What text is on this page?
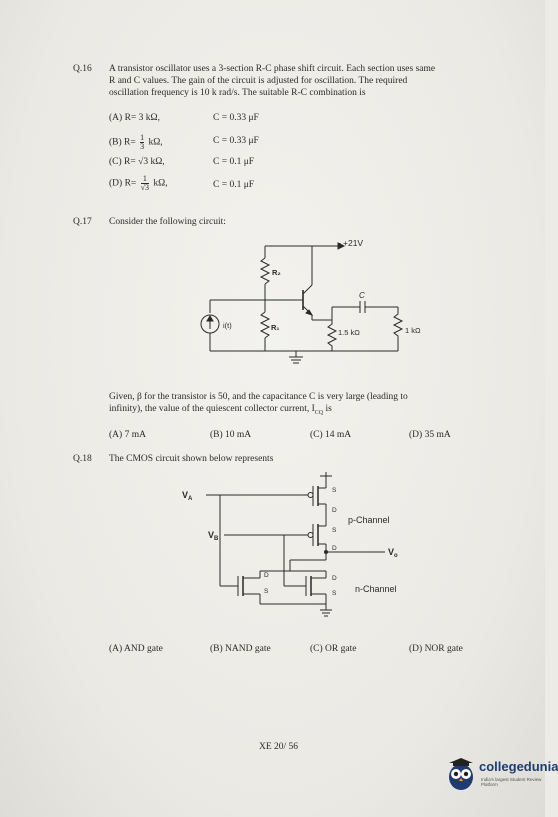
Q.16 A transistor oscillator uses a 3-section R-C phase shift circuit. Each section uses same
R and C values. The gain of the circuit is adjusted for oscillation. The required
oscillation frequency is 10 k rad/s. The suitable R-C combination is
(A) R= 3 kΩ,	C = 0.33 μF
(B) $R= \frac{1}{3} k\Omega$,	C = 0.33 μF
(C) R= √3 kΩ,	C = 0.1 μF
(D) $R= \frac{1}{√3} k\Omega$,	C = 0.1 μF
Q.17 Consider the following circuit:
+21V
R₂
R₁
i(t)
C
1.5 kΩ	1 kΩ
Given, β for the transistor is 50, and the capacitance C is very large (leading to
infinity), the value of the quiescent collector current, $I_{CQ}$ is
(A) 7 mA	(B) 10 mA	(C) 14 mA	(D) 35 mA
Q.18 The CMOS circuit shown below represents
$V_A$
$V_B$
$V_o$
S
D
S
D
D
S
D
S
p-Channel
n-Channel
(A) AND gate	(B) NAND gate	(C) OR gate	(D) NOR gate
XE 20/ 56
collegedunia
India's largest Student Review Platform
